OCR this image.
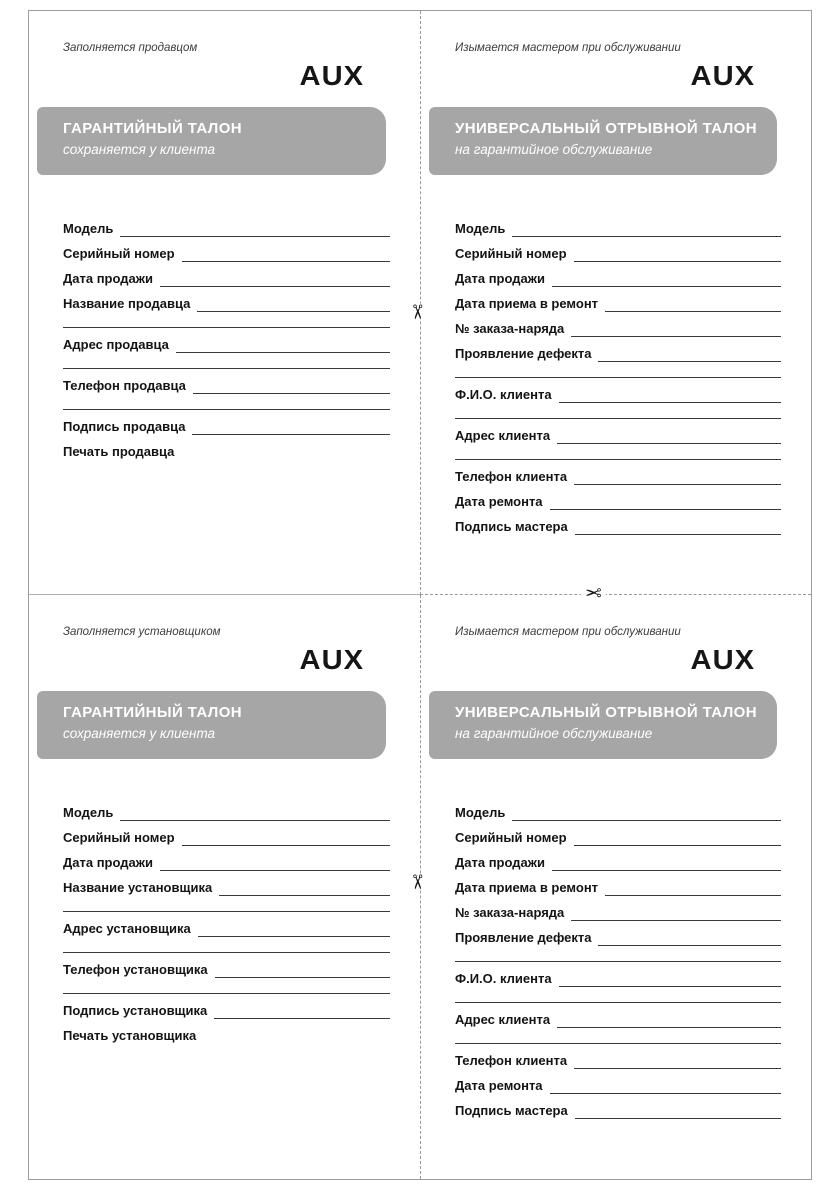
Заполняется продавцом
AUX
ГАРАНТИЙНЫЙ ТАЛОН
сохраняется у клиента
Модель
Серийный номер
Дата продажи
Название продавца
Адрес продавца
Телефон продавца
Подпись продавца
Печать продавца
Изымается мастером при обслуживании
AUX
УНИВЕРСАЛЬНЫЙ ОТРЫВНОЙ ТАЛОН
на гарантийное обслуживание
Модель
Серийный номер
Дата продажи
Дата приема в ремонт
№ заказа-наряда
Проявление дефекта
Ф.И.О. клиента
Адрес клиента
Телефон клиента
Дата ремонта
Подпись мастера
Заполняется установщиком
AUX
ГАРАНТИЙНЫЙ ТАЛОН
сохраняется у клиента
Модель
Серийный номер
Дата продажи
Название установщика
Адрес установщика
Телефон установщика
Подпись установщика
Печать установщика
Изымается мастером при обслуживании
AUX
УНИВЕРСАЛЬНЫЙ ОТРЫВНОЙ ТАЛОН
на гарантийное обслуживание
Модель
Серийный номер
Дата продажи
Дата приема в ремонт
№ заказа-наряда
Проявление дефекта
Ф.И.О. клиента
Адрес клиента
Телефон клиента
Дата ремонта
Подпись мастера
✂
✂
✂
